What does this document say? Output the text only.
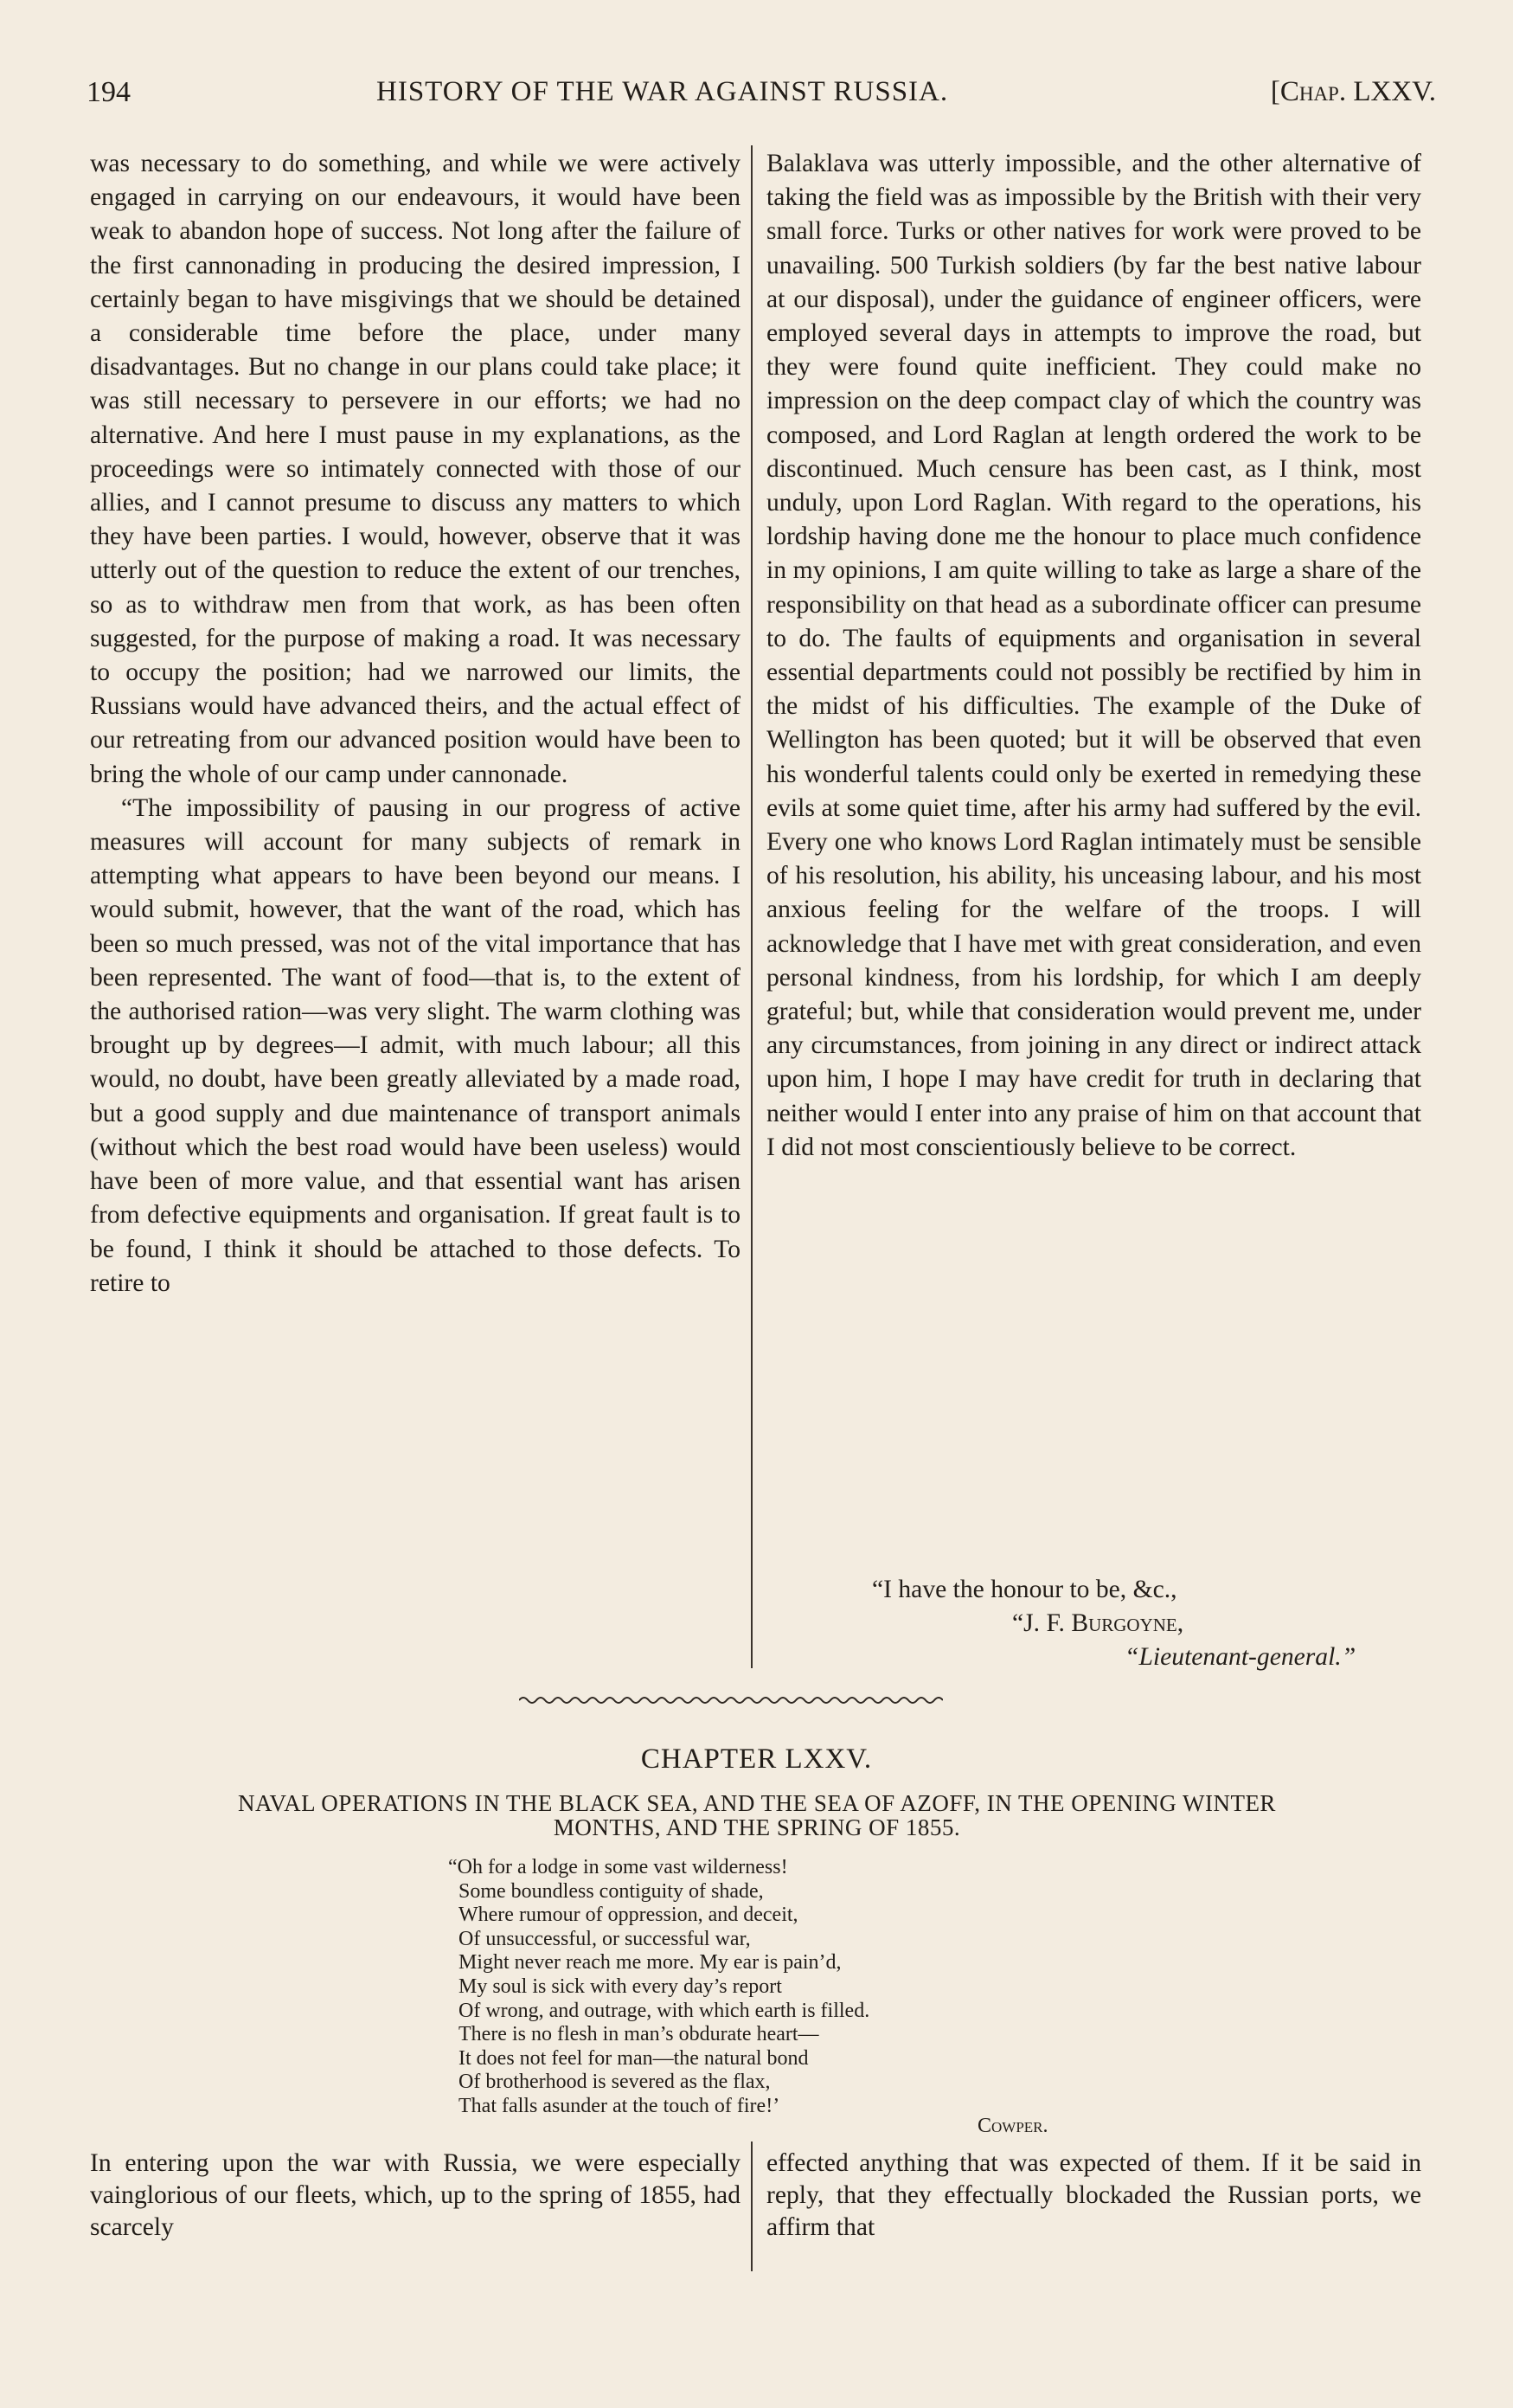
194	HISTORY OF THE WAR AGAINST RUSSIA.	[Chap. LXXV.

was necessary to do something, and while we were actively engaged in carrying on our endeavours, it would have been weak to abandon hope of success. Not long after the failure of the first cannonading in producing the desired impression, I certainly began to have misgivings that we should be detained a considerable time before the place, under many disadvantages. But no change in our plans could take place; it was still necessary to persevere in our efforts; we had no alternative. And here I must pause in my explanations, as the proceedings were so intimately connected with those of our allies, and I cannot presume to discuss any matters to which they have been parties. I would, however, observe that it was utterly out of the question to reduce the extent of our trenches, so as to withdraw men from that work, as has been often suggested, for the purpose of making a road. It was necessary to occupy the position; had we narrowed our limits, the Russians would have advanced theirs, and the actual effect of our retreating from our advanced position would have been to bring the whole of our camp under cannonade.

“The impossibility of pausing in our progress of active measures will account for many subjects of remark in attempting what appears to have been beyond our means. I would submit, however, that the want of the road, which has been so much pressed, was not of the vital importance that has been represented. The want of food—that is, to the extent of the authorised ration—was very slight. The warm clothing was brought up by degrees—I admit, with much labour; all this would, no doubt, have been greatly alleviated by a made road, but a good supply and due maintenance of transport animals (without which the best road would have been useless) would have been of more value, and that essential want has arisen from defective equipments and organisation. If great fault is to be found, I think it should be attached to those defects. To retire to

Balaklava was utterly impossible, and the other alternative of taking the field was as impossible by the British with their very small force. Turks or other natives for work were proved to be unavailing. 500 Turkish soldiers (by far the best native labour at our disposal), under the guidance of engineer officers, were employed several days in attempts to improve the road, but they were found quite inefficient. They could make no impression on the deep compact clay of which the country was composed, and Lord Raglan at length ordered the work to be discontinued. Much censure has been cast, as I think, most unduly, upon Lord Raglan. With regard to the operations, his lordship having done me the honour to place much confidence in my opinions, I am quite willing to take as large a share of the responsibility on that head as a subordinate officer can presume to do. The faults of equipments and organisation in several essential departments could not possibly be rectified by him in the midst of his difficulties. The example of the Duke of Wellington has been quoted; but it will be observed that even his wonderful talents could only be exerted in remedying these evils at some quiet time, after his army had suffered by the evil. Every one who knows Lord Raglan intimately must be sensible of his resolution, his ability, his unceasing labour, and his most anxious feeling for the welfare of the troops. I will acknowledge that I have met with great consideration, and even personal kindness, from his lordship, for which I am deeply grateful; but, while that consideration would prevent me, under any circumstances, from joining in any direct or indirect attack upon him, I hope I may have credit for truth in declaring that neither would I enter into any praise of him on that account that I did not most conscientiously believe to be correct.

“I have the honour to be, &c.,
“J. F. Burgoyne,
“Lieutenant-general.”
CHAPTER LXXV.
NAVAL OPERATIONS IN THE BLACK SEA, AND THE SEA OF AZOFF, IN THE OPENING WINTER
MONTHS, AND THE SPRING OF 1855.
“Oh for a lodge in some vast wilderness!
Some boundless contiguity of shade,
Where rumour of oppression, and deceit,
Of unsuccessful, or successful war,
Might never reach me more. My ear is pain’d,
My soul is sick with every day’s report
Of wrong, and outrage, with which earth is filled.
There is no flesh in man’s obdurate heart—
It does not feel for man—the natural bond
Of brotherhood is severed as the flax,
That falls asunder at the touch of fire!’
Cowper.

In entering upon the war with Russia, we were especially vainglorious of our fleets, which, up to the spring of 1855, had scarcely

effected anything that was expected of them. If it be said in reply, that they effectually blockaded the Russian ports, we affirm that
